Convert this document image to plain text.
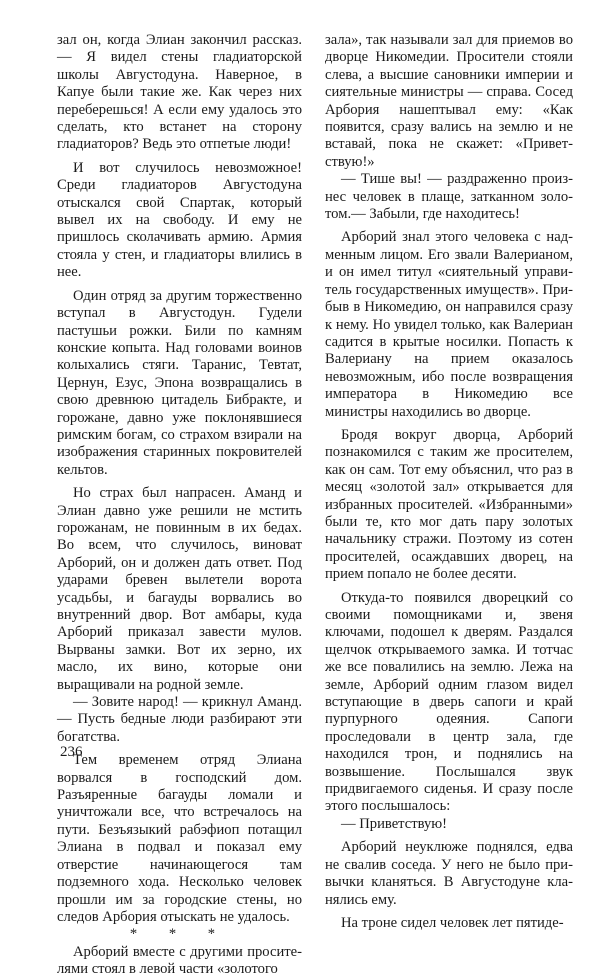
зал он, когда Элиан закончил рассказ.— Я видел стены гладиаторской школы Августодуна. Наверное, в Капуе были такие же. Как через них переберешься! А если ему удалось это сделать, кто встанет на сторону гладиаторов? Ведь это отпетые люди!

И вот случилось невозможное! Среди гладиаторов Августодуна отыскался свой Спартак, который вывел их на свободу. И ему не пришлось сколачивать армию. Армия стояла у стен, и гладиаторы влились в нее.

Один отряд за другим торжественно вступал в Августодун. Гудели пастушьи рожки. Били по камням конские копыта. Над головами воинов колыхались стяги. Таранис, Тевтат, Цернун, Езус, Эпона возвращались в свою древнюю цитадель Бибракте, и горожане, давно уже поклонявшиеся римским богам, со страхом взирали на изображения старинных покровителей кельтов.

Но страх был напрасен. Аманд и Элиан давно уже решили не мстить горожанам, не повинным в их бедах. Во всем, что случилось, виноват Арборий, он и должен дать ответ. Под ударами бревен вылетели ворота усадьбы, и багауды ворвались во внутренний двор. Вот амбары, куда Арборий приказал завести мулов. Вырваны замки. Вот их зерно, их масло, их вино, которые они выращивали на родной земле.

— Зовите народ! — крикнул Аманд.— Пусть бедные люди разбирают эти богатства.

Тем временем отряд Элиана ворвался в господский дом. Разъяренные багауды ломали и уничтожали все, что встречалось на пути. Безъязыкий рабэфиоп потащил Элиана в подвал и показал ему отверстие начинающегося там подземного хода. Несколько человек прошли им за городские стены, но следов Арбория отыскать не удалось.

* * *

Арборий вместе с другими просителями стоял в левой части «золотого

зала», так называли зал для приемов во дворце Никомедии. Просители стояли слева, а высшие сановники империи и сиятельные министры — справа. Сосед Арбория нашептывал ему: «Как появится, сразу вались на землю и не вставай, пока не скажет: «Приветствую!»

— Тише вы! — раздраженно произнес человек в плаще, затканном золотом.— Забыли, где находитесь!

Арборий знал этого человека с надменным лицом. Его звали Валерианом, и он имел титул «сиятельный управитель государственных имуществ». Прибыв в Никомедию, он направился сразу к нему. Но увидел только, как Валериан садится в крытые носилки. Попасть к Валериану на прием оказалось невозможным, ибо после возвращения императора в Никомедию все министры находились во дворце.

Бродя вокруг дворца, Арборий познакомился с таким же просителем, как он сам. Тот ему объяснил, что раз в месяц «золотой зал» открывается для избранных просителей. «Избранными» были те, кто мог дать пару золотых начальнику стражи. Поэтому из сотен просителей, осаждавших дворец, на прием попало не более десяти.

Откуда-то появился дворецкий со своими помощниками и, звеня ключами, подошел к дверям. Раздался щелчок открываемого замка. И тотчас же все повалились на землю. Лежа на земле, Арборий одним глазом видел вступающие в дверь сапоги и край пурпурного одеяния. Сапоги проследовали в центр зала, где находился трон, и поднялись на возвышение. Послышался звук придвигаемого сиденья. И сразу после этого послышалось:

— Приветствую!

Арборий неуклюже поднялся, едва не свалив соседа. У него не было привычки кланяться. В Августодуне кланялись ему.

На троне сидел человек лет пятиде-

236
